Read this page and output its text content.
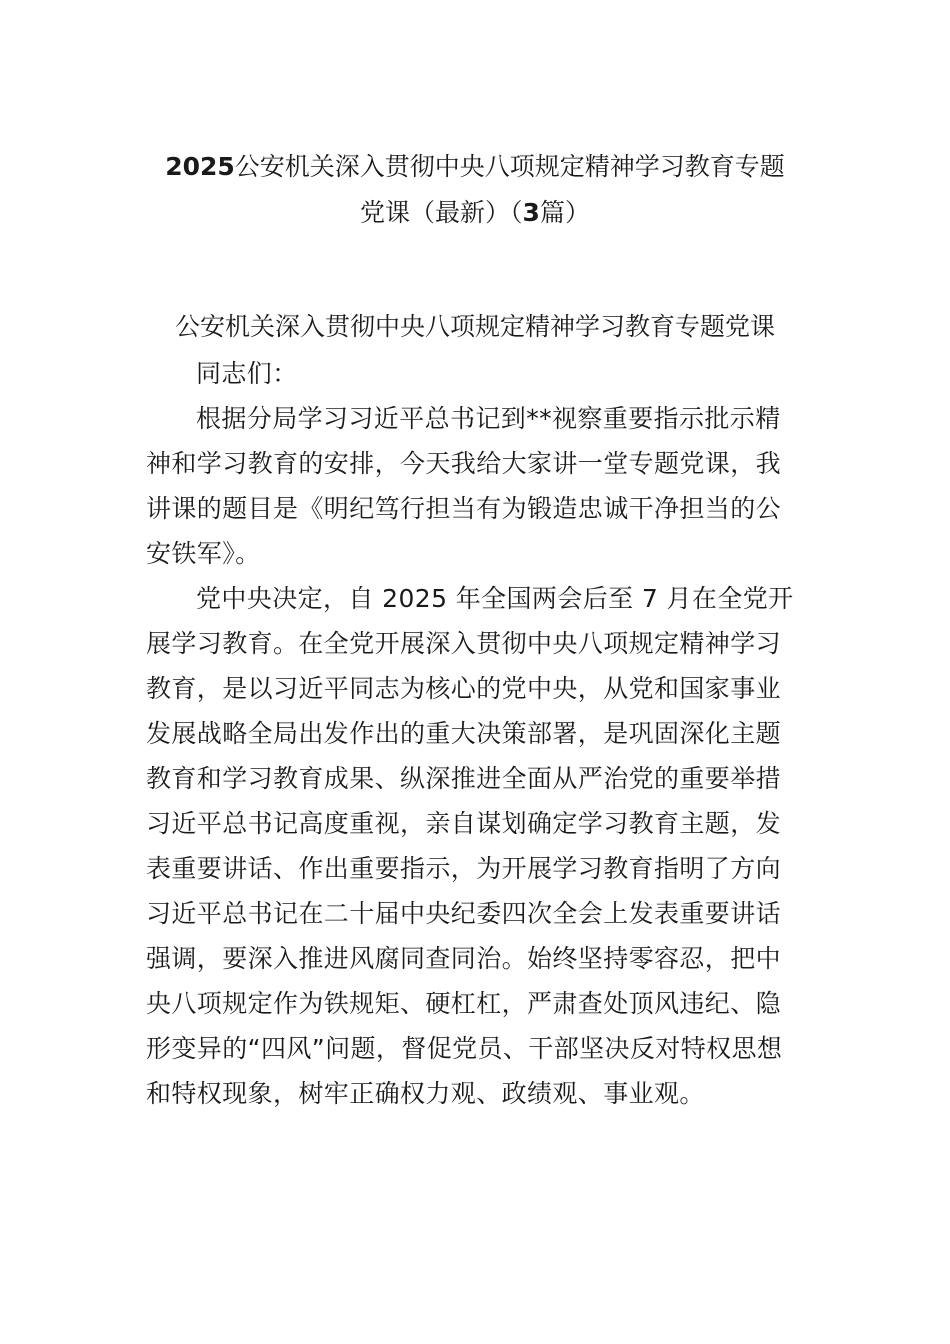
2025公安机关深入贯彻中央八项规定精神学习教育专题
党课（最新）（3篇）
公安机关深入贯彻中央八项规定精神学习教育专题党课
同志们：
根据分局学习习近平总书记到**视察重要指示批示精
神和学习教育的安排，今天我给大家讲一堂专题党课，我
讲课的题目是《明纪笃行担当有为锻造忠诚干净担当的公
安铁军》。
党中央决定，自 2025 年全国两会后至 7 月在全党开
展学习教育。在全党开展深入贯彻中央八项规定精神学习
教育，是以习近平同志为核心的党中央，从党和国家事业
发展战略全局出发作出的重大决策部署，是巩固深化主题
教育和学习教育成果、纵深推进全面从严治党的重要举措
习近平总书记高度重视，亲自谋划确定学习教育主题，发
表重要讲话、作出重要指示，为开展学习教育指明了方向
习近平总书记在二十届中央纪委四次全会上发表重要讲话
强调，要深入推进风腐同查同治。始终坚持零容忍，把中
央八项规定作为铁规矩、硬杠杠，严肃查处顶风违纪、隐
形变异的“四风”问题，督促党员、干部坚决反对特权思想
和特权现象，树牢正确权力观、政绩观、事业观。
